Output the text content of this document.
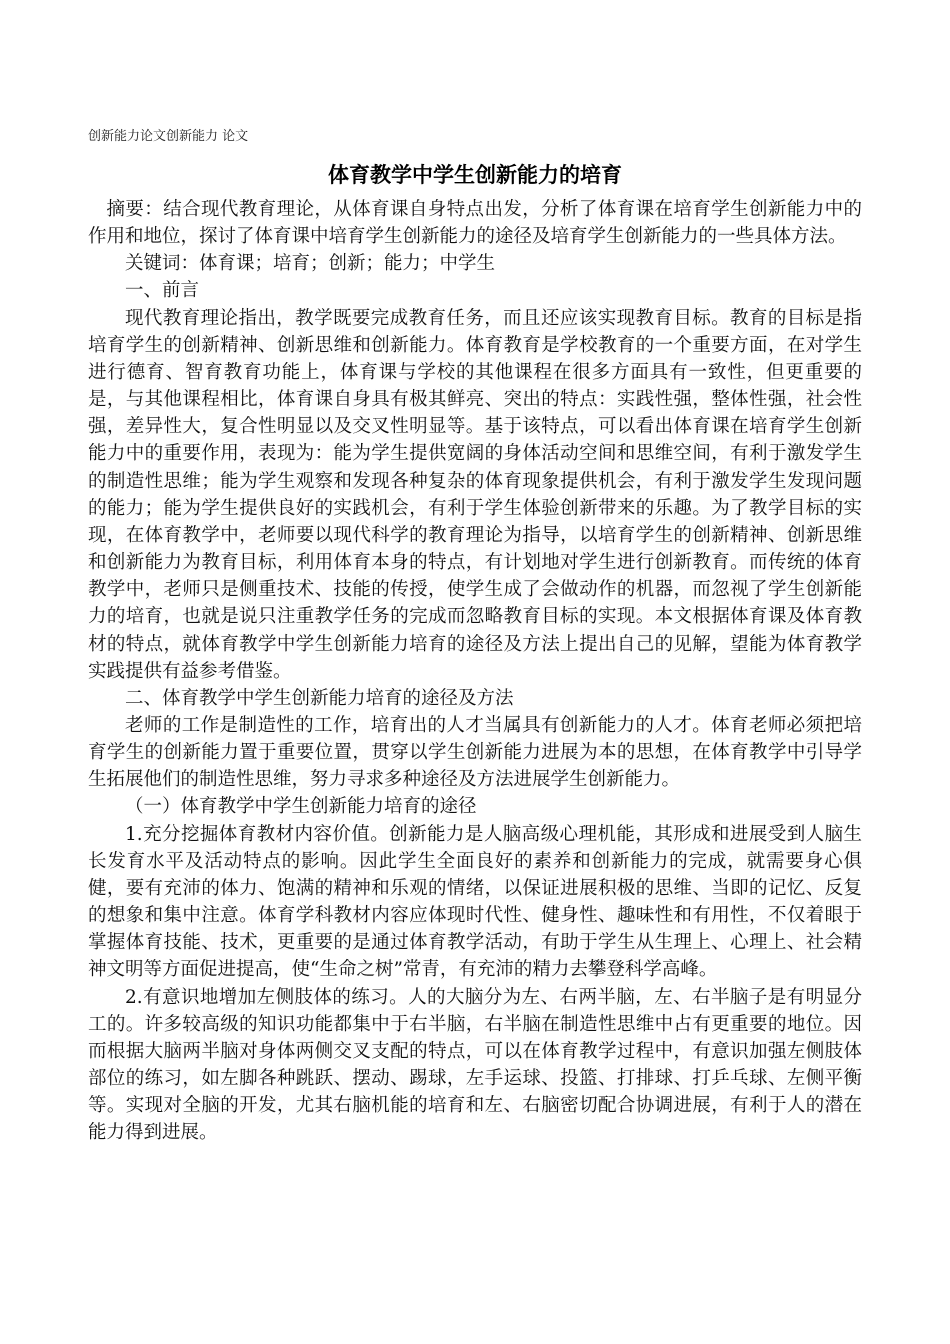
创新能力论文创新能力 论文
体育教学中学生创新能力的培育

摘要：结合现代教育理论，从体育课自身特点出发，分析了体育课在培育学生创新能力中的作用和地位，探讨了体育课中培育学生创新能力的途径及培育学生创新能力的一些具体方法。

关键词：体育课；培育；创新；能力；中学生

一、前言

现代教育理论指出，教学既要完成教育任务，而且还应该实现教育目标。教育的目标是指培育学生的创新精神、创新思维和创新能力。体育教育是学校教育的一个重要方面，在对学生进行德育、智育教育功能上，体育课与学校的其他课程在很多方面具有一致性，但更重要的是，与其他课程相比，体育课自身具有极其鲜亮、突出的特点：实践性强，整体性强，社会性强，差异性大，复合性明显以及交叉性明显等。基于该特点，可以看出体育课在培育学生创新能力中的重要作用，表现为：能为学生提供宽阔的身体活动空间和思维空间，有利于激发学生的制造性思维；能为学生观察和发现各种复杂的体育现象提供机会，有利于激发学生发现问题的能力；能为学生提供良好的实践机会，有利于学生体验创新带来的乐趣。为了教学目标的实现，在体育教学中，老师要以现代科学的教育理论为指导，以培育学生的创新精神、创新思维和创新能力为教育目标，利用体育本身的特点，有计划地对学生进行创新教育。而传统的体育教学中，老师只是侧重技术、技能的传授，使学生成了会做动作的机器，而忽视了学生创新能力的培育，也就是说只注重教学任务的完成而忽略教育目标的实现。本文根据体育课及体育教材的特点，就体育教学中学生创新能力培育的途径及方法上提出自己的见解，望能为体育教学实践提供有益参考借鉴。

二、体育教学中学生创新能力培育的途径及方法

老师的工作是制造性的工作，培育出的人才当属具有创新能力的人才。体育老师必须把培育学生的创新能力置于重要位置，贯穿以学生创新能力进展为本的思想，在体育教学中引导学生拓展他们的制造性思维，努力寻求多种途径及方法进展学生创新能力。

（一）体育教学中学生创新能力培育的途径

1.充分挖掘体育教材内容价值。创新能力是人脑高级心理机能，其形成和进展受到人脑生长发育水平及活动特点的影响。因此学生全面良好的素养和创新能力的完成，就需要身心俱健，要有充沛的体力、饱满的精神和乐观的情绪，以保证进展积极的思维、当即的记忆、反复的想象和集中注意。体育学科教材内容应体现时代性、健身性、趣味性和有用性，不仅着眼于掌握体育技能、技术，更重要的是通过体育教学活动，有助于学生从生理上、心理上、社会精神文明等方面促进提高，使“生命之树”常青，有充沛的精力去攀登科学高峰。

2.有意识地增加左侧肢体的练习。人的大脑分为左、右两半脑，左、右半脑子是有明显分工的。许多较高级的知识功能都集中于右半脑，右半脑在制造性思维中占有更重要的地位。因而根据大脑两半脑对身体两侧交叉支配的特点，可以在体育教学过程中，有意识加强左侧肢体部位的练习，如左脚各种跳跃、摆动、踢球，左手运球、投篮、打排球、打乒乓球、左侧平衡等。实现对全脑的开发，尤其右脑机能的培育和左、右脑密切配合协调进展，有利于人的潜在能力得到进展。
